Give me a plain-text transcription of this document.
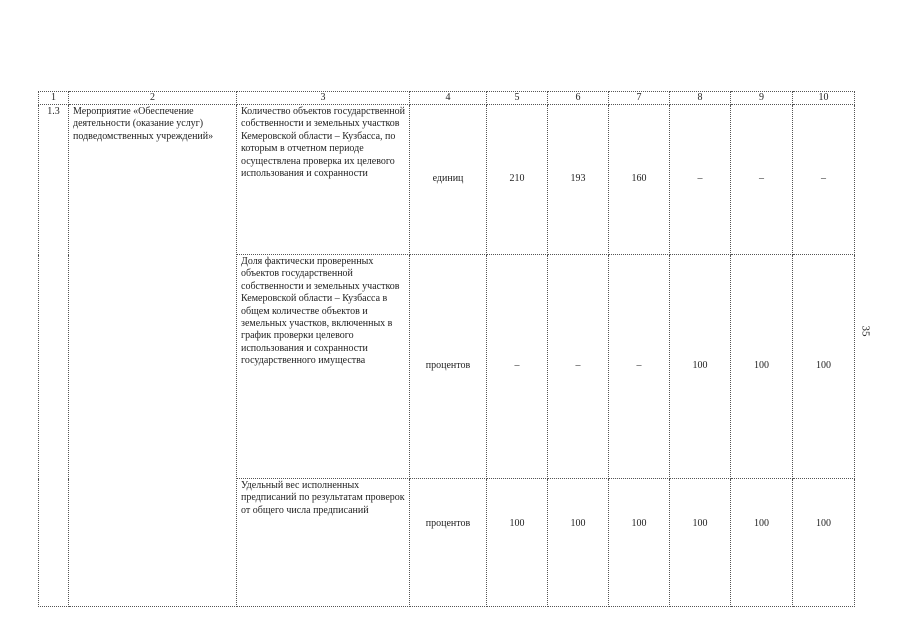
1	2	3	4	5	6	7	8	9	10
1.3	Мероприятие «Обеспечение деятельности (оказание услуг) подведомственных учреждений»	Количество объектов государственной собственности и земельных участков Кемеровской области – Кузбасса, по которым в отчетном периоде осуществлена проверка их целевого использования и сохранности	единиц	210	193	160	–	–	–
		Доля фактически проверенных объектов государственной собственности и земельных участков Кемеровской области – Кузбасса в общем количестве объектов и земельных участков, включенных в график проверки целевого использования и сохранности государственного имущества	процентов	–	–	–	100	100	100
		Удельный вес исполненных предписаний по результатам проверок от общего числа предписаний	процентов	100	100	100	100	100	100
35
